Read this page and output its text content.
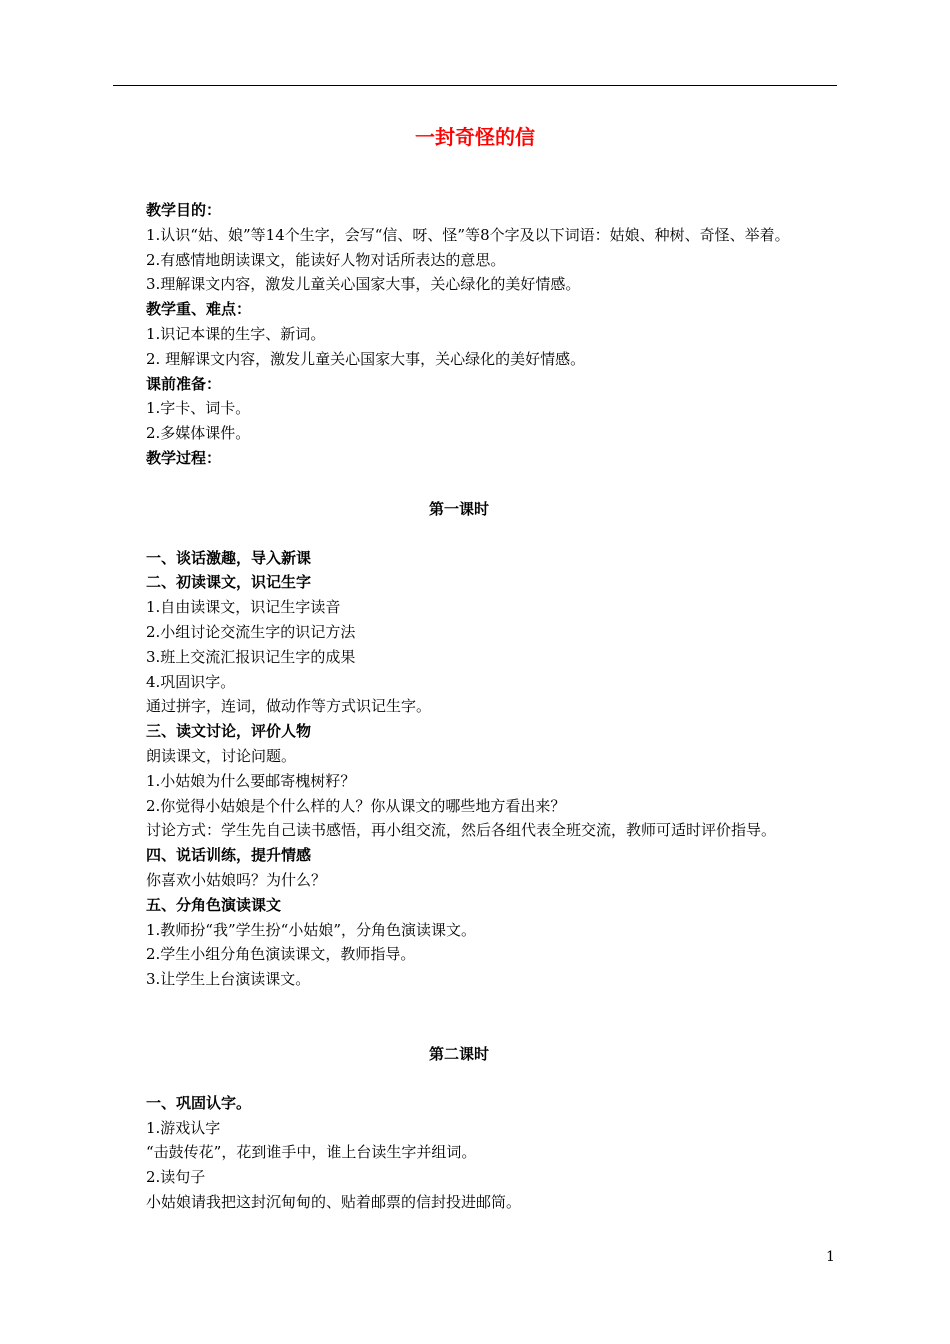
一封奇怪的信
教学目的：
1.认识“姑、娘”等14个生字，会写“信、呀、怪”等8个字及以下词语：姑娘、种树、奇怪、举着。
2.有感情地朗读课文，能读好人物对话所表达的意思。
3.理解课文内容，激发儿童关心国家大事，关心绿化的美好情感。
教学重、难点：
1.识记本课的生字、新词。
2. 理解课文内容，激发儿童关心国家大事，关心绿化的美好情感。
课前准备：
1.字卡、词卡。
2.多媒体课件。
教学过程：
第一课时
一、谈话激趣，导入新课
二、初读课文，识记生字
1.自由读课文，识记生字读音
2.小组讨论交流生字的识记方法
3.班上交流汇报识记生字的成果
4.巩固识字。
通过拼字，连词，做动作等方式识记生字。
三、读文讨论，评价人物
朗读课文，讨论问题。
1.小姑娘为什么要邮寄槐树籽？
2.你觉得小姑娘是个什么样的人？你从课文的哪些地方看出来？
讨论方式：学生先自己读书感悟，再小组交流，然后各组代表全班交流，教师可适时评价指导。
四、说话训练，提升情感
你喜欢小姑娘吗？为什么？
五、分角色演读课文
1.教师扮“我”学生扮“小姑娘”，分角色演读课文。
2.学生小组分角色演读课文，教师指导。
3.让学生上台演读课文。
第二课时
一、巩固认字。
1.游戏认字
“击鼓传花”，花到谁手中，谁上台读生字并组词。
2.读句子
小姑娘请我把这封沉甸甸的、贴着邮票的信封投进邮筒。
1
